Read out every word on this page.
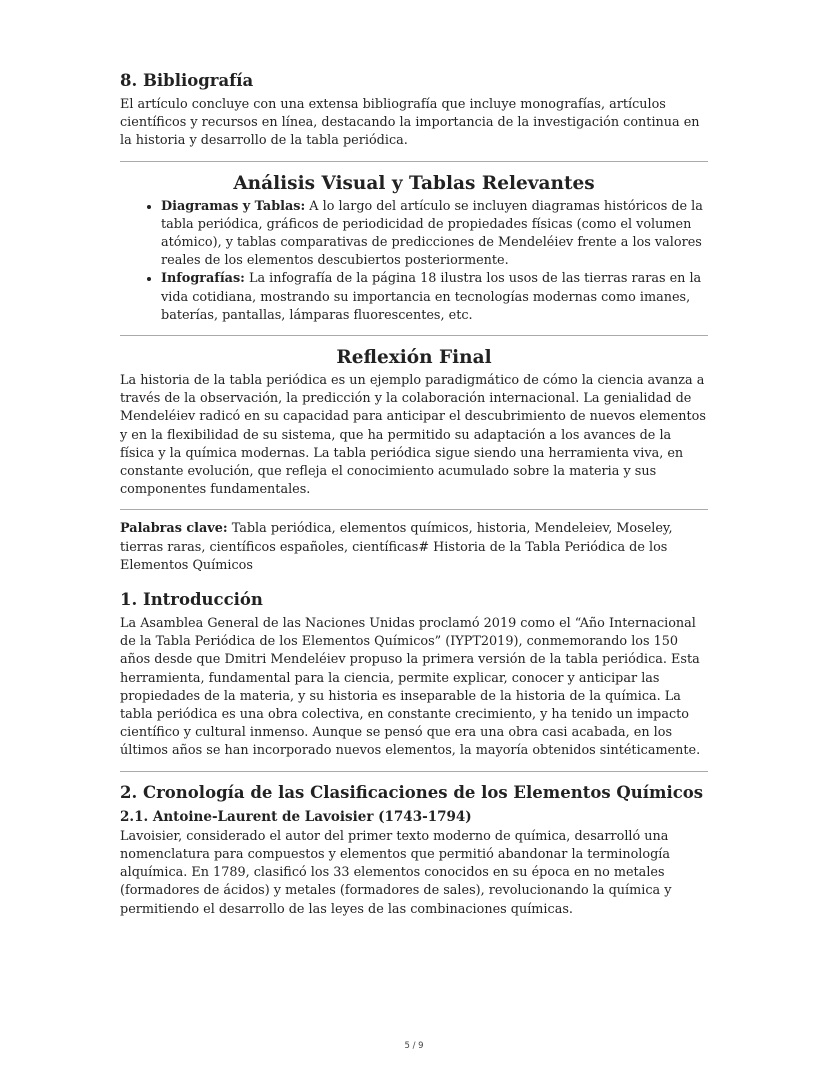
8. Bibliografía

El artículo concluye con una extensa bibliografía que incluye monografías, artículos científicos y recursos en línea, destacando la importancia de la investigación continua en la historia y desarrollo de la tabla periódica.

Análisis Visual y Tablas Relevantes
• Diagramas y Tablas: A lo largo del artículo se incluyen diagramas históricos de la tabla periódica, gráficos de periodicidad de propiedades físicas (como el volumen atómico), y tablas comparativas de predicciones de Mendeléiev frente a los valores reales de los elementos descubiertos posteriormente.
• Infografías: La infografía de la página 18 ilustra los usos de las tierras raras en la vida cotidiana, mostrando su importancia en tecnologías modernas como imanes, baterías, pantallas, lámparas fluorescentes, etc.
Reflexión Final

La historia de la tabla periódica es un ejemplo paradigmático de cómo la ciencia avanza a través de la observación, la predicción y la colaboración internacional. La genialidad de Mendeléiev radicó en su capacidad para anticipar el descubrimiento de nuevos elementos y en la flexibilidad de su sistema, que ha permitido su adaptación a los avances de la física y la química modernas. La tabla periódica sigue siendo una herramienta viva, en constante evolución, que refleja el conocimiento acumulado sobre la materia y sus componentes fundamentales.

Palabras clave: Tabla periódica, elementos químicos, historia, Mendeleiev, Moseley, tierras raras, científicos españoles, científicas# Historia de la Tabla Periódica de los Elementos Químicos

1. Introducción

La Asamblea General de las Naciones Unidas proclamó 2019 como el “Año Internacional de la Tabla Periódica de los Elementos Químicos” (IYPT2019), conmemorando los 150 años desde que Dmitri Mendeléiev propuso la primera versión de la tabla periódica. Esta herramienta, fundamental para la ciencia, permite explicar, conocer y anticipar las propiedades de la materia, y su historia es inseparable de la historia de la química. La tabla periódica es una obra colectiva, en constante crecimiento, y ha tenido un impacto científico y cultural inmenso. Aunque se pensó que era una obra casi acabada, en los últimos años se han incorporado nuevos elementos, la mayoría obtenidos sintéticamente.

2. Cronología de las Clasificaciones de los Elementos Químicos
2.1. Antoine-Laurent de Lavoisier (1743-1794)

Lavoisier, considerado el autor del primer texto moderno de química, desarrolló una nomenclatura para compuestos y elementos que permitió abandonar la terminología alquímica. En 1789, clasificó los 33 elementos conocidos en su época en no metales (formadores de ácidos) y metales (formadores de sales), revolucionando la química y permitiendo el desarrollo de las leyes de las combinaciones químicas.

5 / 9
